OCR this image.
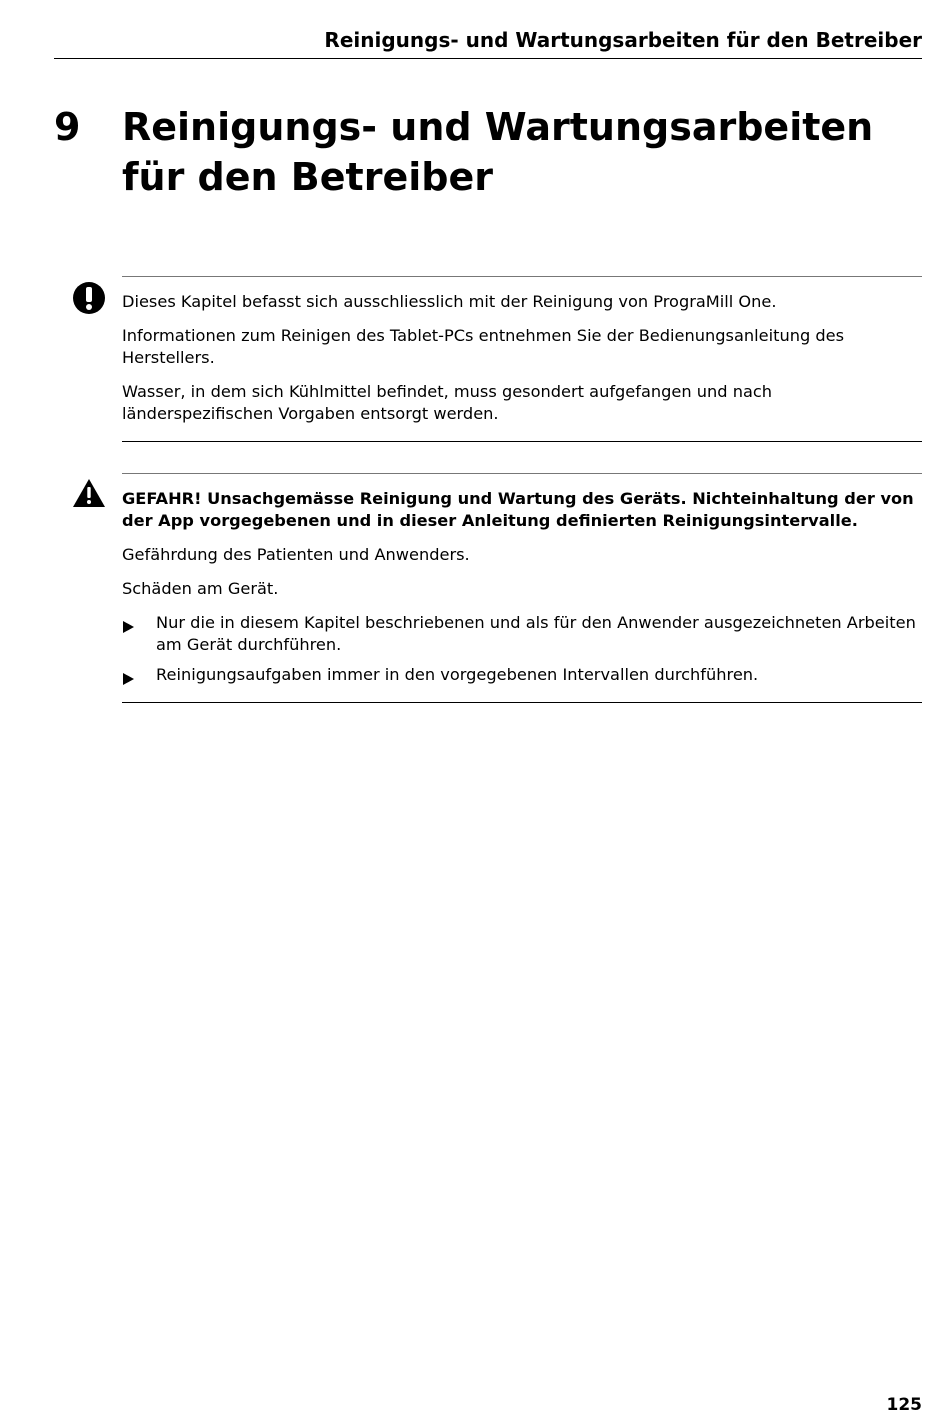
Reinigungs- und Wartungsarbeiten für den Betreiber
9 Reinigungs- und Wartungsarbeiten für den Betreiber

Dieses Kapitel befasst sich ausschliesslich mit der Reinigung von PrograMill One.

Informationen zum Reinigen des Tablet-PCs entnehmen Sie der Bedienungsanleitung des Herstellers.

Wasser, in dem sich Kühlmittel befindet, muss gesondert aufgefangen und nach länderspezifischen Vorgaben entsorgt werden.

GEFAHR! Unsachgemässe Reinigung und Wartung des Geräts. Nichteinhaltung der von der App vorgegebenen und in dieser Anleitung definierten Reinigungsintervalle.

Gefährdung des Patienten und Anwenders.

Schäden am Gerät.

Nur die in diesem Kapitel beschriebenen und als für den Anwender ausgezeichneten Arbeiten am Gerät durchführen.
Reinigungsaufgaben immer in den vorgegebenen Intervallen durchführen.
125
